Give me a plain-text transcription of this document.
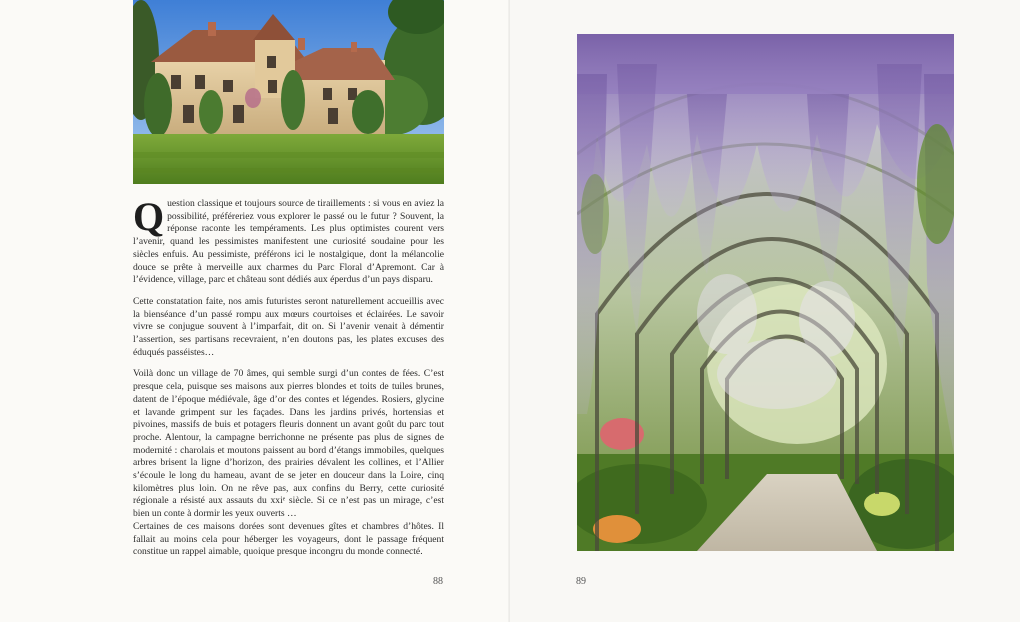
Q uestion classique et toujours source de tiraillements : si vous en aviez la possibilité, préféreriez vous explorer le passé ou le futur ? Souvent, la réponse raconte les tempéraments. Les plus optimistes courent vers l’avenir, quand les pessimistes manifestent une curiosité soudaine pour les siècles enfuis. Au pessimiste, préférons ici le nostalgique, dont la mélancolie douce se prête à merveille aux charmes du Parc Floral d’Apremont. Car à l’évidence, village, parc et château sont dédiés aux éperdus d’un pays disparu.

Cette constatation faite, nos amis futuristes seront naturellement accueillis avec la bienséance d’un passé rompu aux mœurs courtoises et éclairées. Le savoir vivre se conjugue souvent à l’imparfait, dit on. Si l’avenir venait à démentir l’assertion, ses partisans recevraient, n’en doutons pas, les plates excuses des éduqués passéistes…

Voilà donc un village de 70 âmes, qui semble surgi d’un contes de fées. C’est presque cela, puisque ses maisons aux pierres blondes et toits de tuiles brunes, datent de l’époque médiévale, âge d’or des contes et légendes. Rosiers, glycine et lavande grimpent sur les façades. Dans les jardins privés, hortensias et pivoines, massifs de buis et potagers fleuris donnent un avant goût du parc tout proche. Alentour, la campagne berrichonne ne présente pas plus de signes de modernité : charolais et moutons paissent au bord d’étangs immobiles, quelques arbres brisent la ligne d’horizon, des prairies dévalent les collines, et l’Allier s’écoule le long du hameau, avant de se jeter en douceur dans la Loire, cinq kilomètres plus loin. On ne rêve pas, aux confins du Berry, cette curiosité régionale a résisté aux assauts du xxiᵉ siècle. Si ce n’est pas un mirage, c’est bien un conte à dormir les yeux ouverts …

Certaines de ces maisons dorées sont devenues gîtes et chambres d’hôtes. Il fallait au moins cela pour héberger les voyageurs, dont le passage fréquent constitue un rappel aimable, quoique presque incongru du monde connecté.

88	89
